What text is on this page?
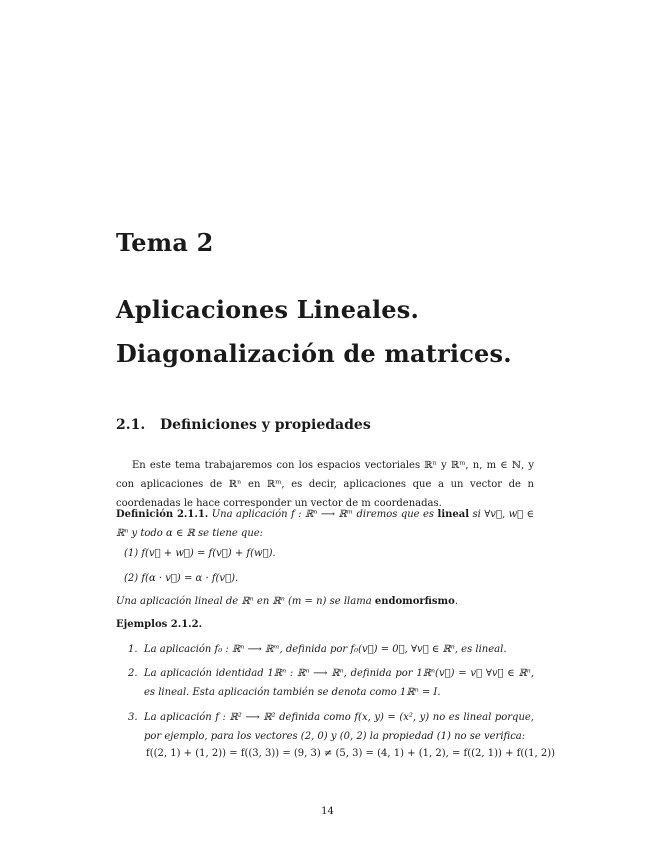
Tema 2
Aplicaciones Lineales.
Diagonalización de matrices.
2.1. Definiciones y propiedades
En este tema trabajaremos con los espacios vectoriales ℝⁿ y ℝᵐ, n, m ∈ ℕ, y con aplicaciones de ℝⁿ en ℝᵐ, es decir, aplicaciones que a un vector de n coordenadas le hace corresponder un vector de m coordenadas.
Definición 2.1.1. Una aplicación f : ℝⁿ ⟶ ℝᵐ diremos que es lineal si ∀v⃗, w⃗ ∈ ℝⁿ y todo α ∈ ℝ se tiene que:
(1) f(v⃗ + w⃗) = f(v⃗) + f(w⃗).
(2) f(α · v⃗) = α · f(v⃗).
Una aplicación lineal de ℝⁿ en ℝⁿ (m = n) se llama endomorfismo.
Ejemplos 2.1.2.
1. La aplicación f₀ : ℝⁿ ⟶ ℝᵐ, definida por f₀(v⃗) = 0⃗, ∀v⃗ ∈ ℝⁿ, es lineal.
2. La aplicación identidad 1ℝⁿ : ℝⁿ ⟶ ℝⁿ, definida por 1ℝⁿ(v⃗) = v⃗ ∀v⃗ ∈ ℝⁿ, es lineal. Esta aplicación también se denota como 1ℝⁿ = I.
3. La aplicación f : ℝ² ⟶ ℝ² definida como f(x, y) = (x², y) no es lineal porque, por ejemplo, para los vectores (2, 0) y (0, 2) la propiedad (1) no se verifica:
f((2, 1) + (1, 2)) = f((3, 3)) = (9, 3) ≠ (5, 3) = (4, 1) + (1, 2), = f((2, 1)) + f((1, 2))
14
